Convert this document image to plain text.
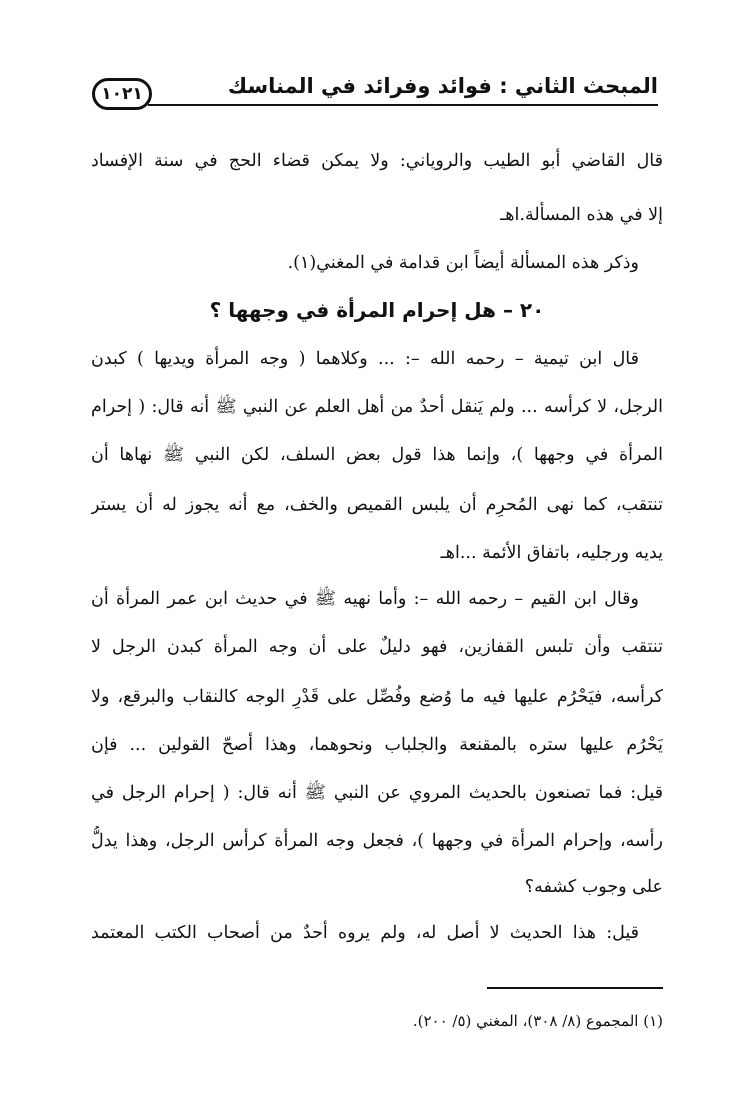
المبحث الثاني : فوائد وفرائد في المناسك
١٠٢١
قال القاضي أبو الطيب والروياني: ولا يمكن قضاء الحج في سنة الإفساد
إلا في هذه المسألة.اهـ
وذكر هذه المسألة أيضاً ابن قدامة في المغني(١).
٢٠ – هل إحرام المرأة في وجهها ؟
قال ابن تيمية – رحمه الله –: ... وكلاهما ( وجه المرأة ويديها ) كبدن
الرجل، لا كرأسه ... ولم يَنقل أحدٌ من أهل العلم عن النبي ﷺ أنه قال: ( إحرام
المرأة في وجهها )، وإنما هذا قول بعض السلف، لكن النبي ﷺ نهاها أن
تنتقب، كما نهى المُحرِم أن يلبس القميص والخف، مع أنه يجوز له أن يستر
يديه ورجليه، باتفاق الأئمة ...اهـ
وقال ابن القيم – رحمه الله –: وأما نهيه ﷺ في حديث ابن عمر المرأة أن
تنتقب وأن تلبس القفازين، فهو دليلٌ على أن وجه المرأة كبدن الرجل لا
كرأسه، فيَحْرُم عليها فيه ما وُضع وفُصِّل على قَدْرِ الوجه كالنقاب والبرقع، ولا
يَحْرُم عليها ستره بالمقنعة والجلباب ونحوهما، وهذا أصحّ القولين ... فإن
قيل: فما تصنعون بالحديث المروي عن النبي ﷺ أنه قال: ( إحرام الرجل في
رأسه، وإحرام المرأة في وجهها )، فجعل وجه المرأة كرأس الرجل، وهذا يدلُّ
على وجوب كشفه؟
قيل: هذا الحديث لا أصل له، ولم يروه أحدٌ من أصحاب الكتب المعتمد
(١) المجموع (٨/ ٣٠٨)، المغني (٥/ ٢٠٠).
